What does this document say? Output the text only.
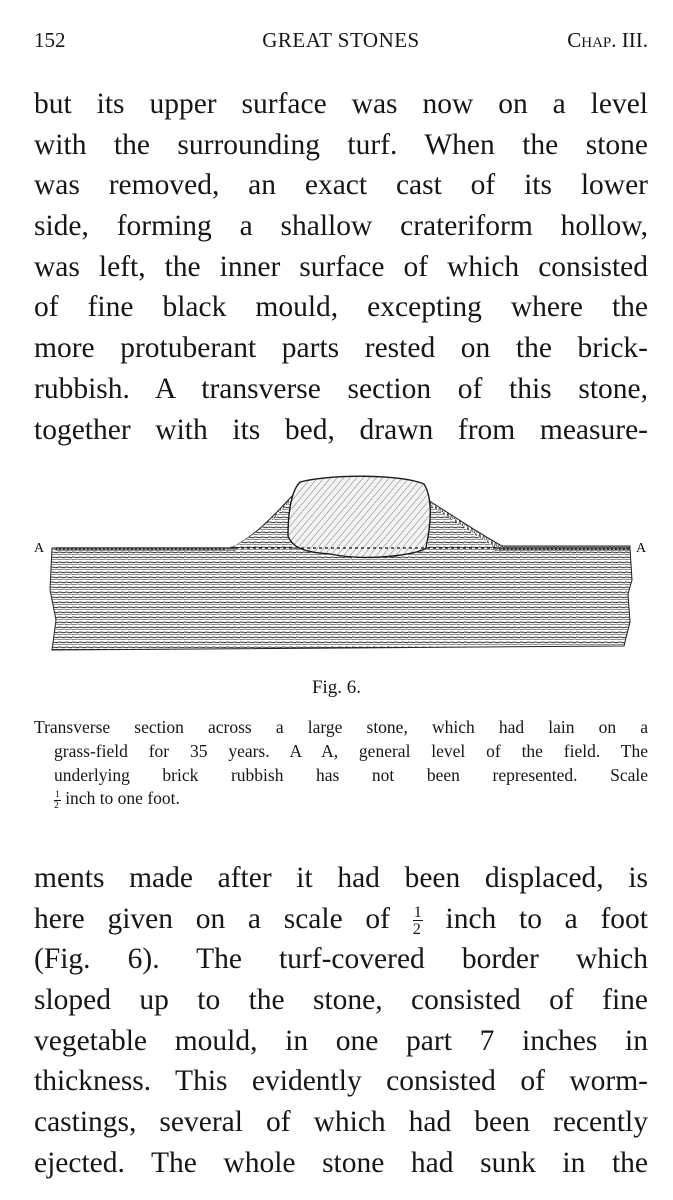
152	GREAT STONES	Chap. III.
but its upper surface was now on a level
with the surrounding turf. When the stone
was removed, an exact cast of its lower
side, forming a shallow crateriform hollow,
was left, the inner surface of which consisted
of fine black mould, excepting where the
more protuberant parts rested on the brick-
rubbish. A transverse section of this stone,
together with its bed, drawn from measure-
A	A
Fig. 6.
Transverse section across a large stone, which had lain on a
grass-field for 35 years. A A, general level of the field. The
underlying brick rubbish has not been represented. Scale
$\frac{1}{2}$ inch to one foot.
ments made after it had been displaced, is
here given on a scale of $\frac{1}{2}$ inch to a foot
(Fig. 6). The turf-covered border which
sloped up to the stone, consisted of fine
vegetable mould, in one part 7 inches in
thickness. This evidently consisted of worm-
castings, several of which had been recently
ejected. The whole stone had sunk in the
